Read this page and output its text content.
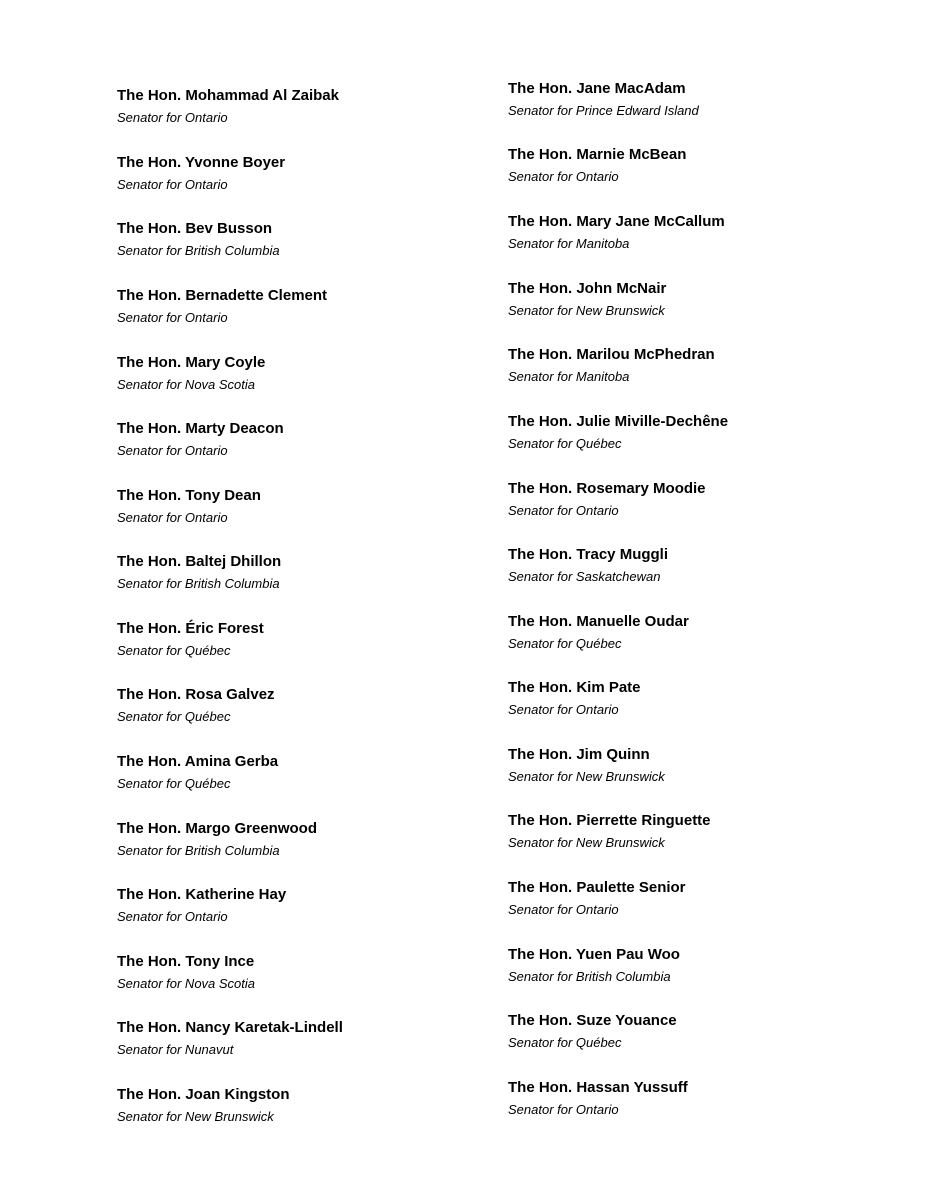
The Hon. Mohammad Al Zaibak
Senator for Ontario
The Hon. Yvonne Boyer
Senator for Ontario
The Hon. Bev Busson
Senator for British Columbia
The Hon. Bernadette Clement
Senator for Ontario
The Hon. Mary Coyle
Senator for Nova Scotia
The Hon. Marty Deacon
Senator for Ontario
The Hon. Tony Dean
Senator for Ontario
The Hon. Baltej Dhillon
Senator for British Columbia
The Hon. Éric Forest
Senator for Québec
The Hon. Rosa Galvez
Senator for Québec
The Hon. Amina Gerba
Senator for Québec
The Hon. Margo Greenwood
Senator for British Columbia
The Hon. Katherine Hay
Senator for Ontario
The Hon. Tony Ince
Senator for Nova Scotia
The Hon. Nancy Karetak-Lindell
Senator for Nunavut
The Hon. Joan Kingston
Senator for New Brunswick
The Hon. Jane MacAdam
Senator for Prince Edward Island
The Hon. Marnie McBean
Senator for Ontario
The Hon. Mary Jane McCallum
Senator for Manitoba
The Hon. John McNair
Senator for New Brunswick
The Hon. Marilou McPhedran
Senator for Manitoba
The Hon. Julie Miville-Dechêne
Senator for Québec
The Hon. Rosemary Moodie
Senator for Ontario
The Hon. Tracy Muggli
Senator for Saskatchewan
The Hon. Manuelle Oudar
Senator for Québec
The Hon. Kim Pate
Senator for Ontario
The Hon. Jim Quinn
Senator for New Brunswick
The Hon. Pierrette Ringuette
Senator for New Brunswick
The Hon. Paulette Senior
Senator for Ontario
The Hon. Yuen Pau Woo
Senator for British Columbia
The Hon. Suze Youance
Senator for Québec
The Hon. Hassan Yussuff
Senator for Ontario
